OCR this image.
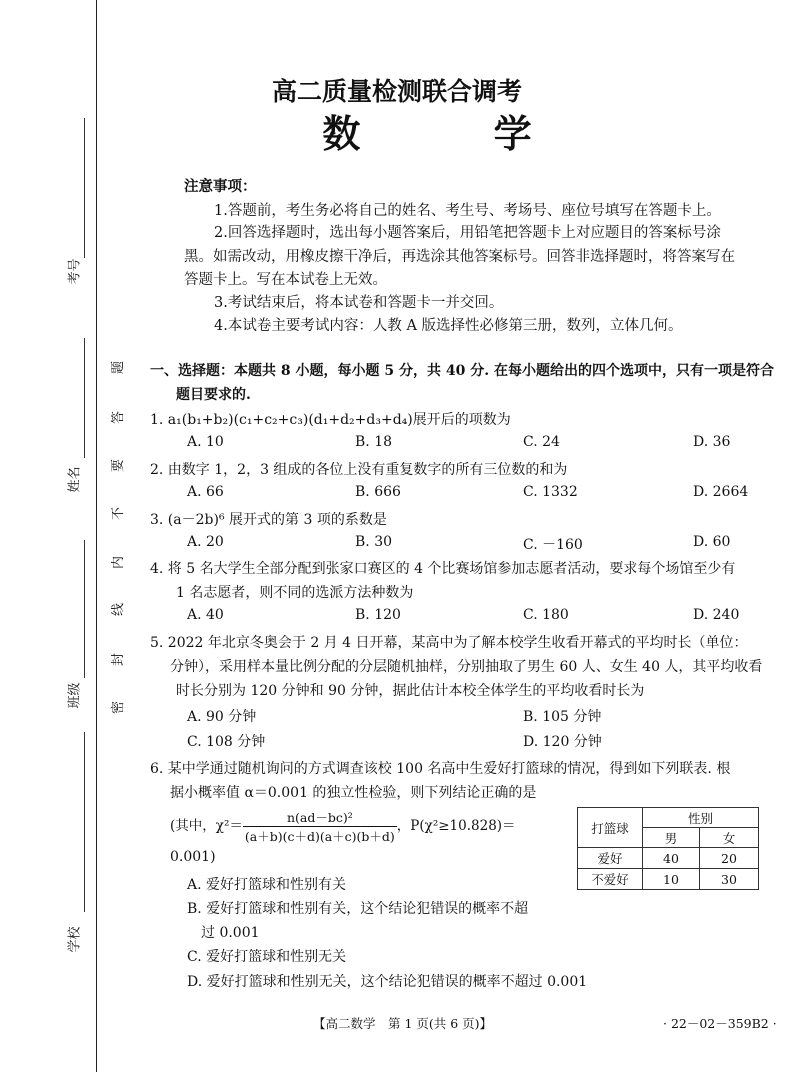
考号
姓名
班级
学校
题
答
要
不
内
线
封
密
高二质量检测联合调考
数 学
注意事项：
1.答题前，考生务必将自己的姓名、考生号、考场号、座位号填写在答题卡上。
2.回答选择题时，选出每小题答案后，用铅笔把答题卡上对应题目的答案标号涂
黑。如需改动，用橡皮擦干净后，再选涂其他答案标号。回答非选择题时，将答案写在
答题卡上。写在本试卷上无效。
3.考试结束后，将本试卷和答题卡一并交回。
4.本试卷主要考试内容：人教 A 版选择性必修第三册，数列，立体几何。
一、选择题：本题共 8 小题，每小题 5 分，共 40 分. 在每小题给出的四个选项中，只有一项是符合
题目要求的.
1. a₁(b₁+b₂)(c₁+c₂+c₃)(d₁+d₂+d₃+d₄)展开后的项数为
A. 10	B. 18	C. 24	D. 36
2. 由数字 1，2，3 组成的各位上没有重复数字的所有三位数的和为
A. 66	B. 666	C. 1332	D. 2664
3. (a－2b)⁶ 展开式的第 3 项的系数是
A. 20	B. 30	C. －160	D. 60
4. 将 5 名大学生全部分配到张家口赛区的 4 个比赛场馆参加志愿者活动，要求每个场馆至少有
1 名志愿者，则不同的选派方法种数为
A. 40	B. 120	C. 180	D. 240
5. 2022 年北京冬奥会于 2 月 4 日开幕，某高中为了解本校学生收看开幕式的平均时长（单位：
分钟），采用样本量比例分配的分层随机抽样，分别抽取了男生 60 人、女生 40 人，其平均收看
时长分别为 120 分钟和 90 分钟，据此估计本校全体学生的平均收看时长为
A. 90 分钟	B. 105 分钟
C. 108 分钟	D. 120 分钟
6. 某中学通过随机询问的方式调查该校 100 名高中生爱好打篮球的情况，得到如下列联表. 根
据小概率值 α＝0.001 的独立性检验，则下列结论正确的是
(其中，$\chi^2= \frac{\text{n(ad－bc)²}}{(a+b)(c+d)(a+c)(b+d)}$ ，P(χ²≥10.828)＝
0.001)
A. 爱好打篮球和性别有关
B. 爱好打篮球和性别有关，这个结论犯错误的概率不超
过 0.001
C. 爱好打篮球和性别无关
D. 爱好打篮球和性别无关，这个结论犯错误的概率不超过 0.001
打篮球	性别	
	男	女
爱好	40	20
不爱好	10	30
【高二数学　第 1 页(共 6 页)】	· 22－02－359B2 ·
